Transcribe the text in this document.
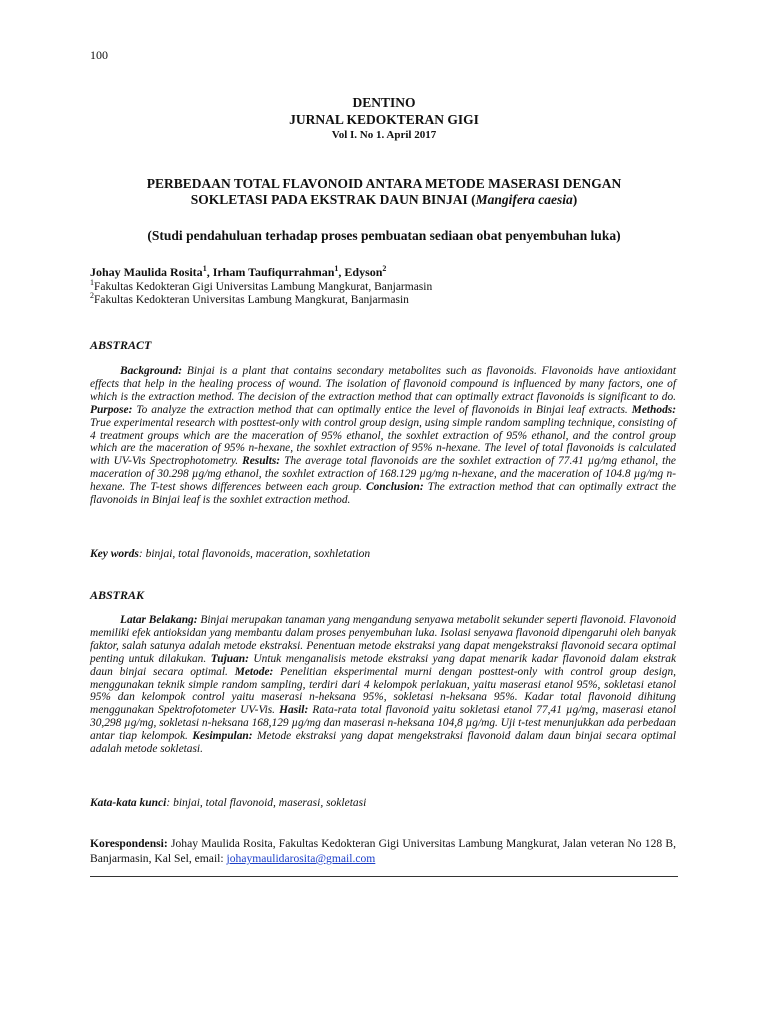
100
DENTINO
JURNAL KEDOKTERAN GIGI
Vol I. No 1. April 2017
PERBEDAAN TOTAL FLAVONOID ANTARA METODE MASERASI DENGAN
SOKLETASI PADA EKSTRAK DAUN BINJAI (Mangifera caesia)
(Studi pendahuluan terhadap proses pembuatan sediaan obat penyembuhan luka)
Johay Maulida Rosita$^1$, Irham Taufiqurrahman$^1$, Edyson$^2$
$^1$Fakultas Kedokteran Gigi Universitas Lambung Mangkurat, Banjarmasin
$^2$Fakultas Kedokteran Universitas Lambung Mangkurat, Banjarmasin
ABSTRACT
Background: Binjai is a plant that contains secondary metabolites such as flavonoids. Flavonoids have antioxidant effects that help in the healing process of wound. The isolation of flavonoid compound is influenced by many factors, one of which is the extraction method. The decision of the extraction method that can optimally extract flavonoids is significant to do. Purpose: To analyze the extraction method that can optimally entice the level of flavonoids in Binjai leaf extracts. Methods: True experimental research with posttest-only with control group design, using simple random sampling technique, consisting of 4 treatment groups which are the maceration of 95% ethanol, the soxhlet extraction of 95% ethanol, and the control group which are the maceration of 95% n-hexane, the soxhlet extraction of 95% n-hexane. The level of total flavonoids is calculated with UV-Vis Spectrophotometry. Results: The average total flavonoids are the soxhlet extraction of 77.41 µg/mg ethanol, the maceration of 30.298 µg/mg ethanol, the soxhlet extraction of 168.129 µg/mg n-hexane, and the maceration of 104.8 µg/mg n-hexane. The T-test shows differences between each group. Conclusion: The extraction method that can optimally extract the flavonoids in Binjai leaf is the soxhlet extraction method.
Key words: binjai, total flavonoids, maceration, soxhletation
ABSTRAK
Latar Belakang: Binjai merupakan tanaman yang mengandung senyawa metabolit sekunder seperti flavonoid. Flavonoid memiliki efek antioksidan yang membantu dalam proses penyembuhan luka. Isolasi senyawa flavonoid dipengaruhi oleh banyak faktor, salah satunya adalah metode ekstraksi. Penentuan metode ekstraksi yang dapat mengekstraksi flavonoid secara optimal penting untuk dilakukan. Tujuan: Untuk menganalisis metode ekstraksi yang dapat menarik kadar flavonoid dalam ekstrak daun binjai secara optimal. Metode: Penelitian eksperimental murni dengan posttest-only with control group design, menggunakan teknik simple random sampling, terdiri dari 4 kelompok perlakuan, yaitu maserasi etanol 95%, sokletasi etanol 95% dan kelompok control yaitu maserasi n-heksana 95%, sokletasi n-heksana 95%. Kadar total flavonoid dihitung menggunakan Spektrofotometer UV-Vis. Hasil: Rata-rata total flavonoid yaitu sokletasi etanol 77,41 µg/mg, maserasi etanol 30,298 µg/mg, sokletasi n-heksana 168,129 µg/mg dan maserasi n-heksana 104,8 µg/mg. Uji t-test menunjukkan ada perbedaan antar tiap kelompok. Kesimpulan: Metode ekstraksi yang dapat mengekstraksi flavonoid dalam daun binjai secara optimal adalah metode sokletasi.
Kata-kata kunci: binjai, total flavonoid, maserasi, sokletasi
Korespondensi: Johay Maulida Rosita, Fakultas Kedokteran Gigi Universitas Lambung Mangkurat, Jalan veteran No 128 B, Banjarmasin, Kal Sel, email: johaymaulidarosita@gmail.com
